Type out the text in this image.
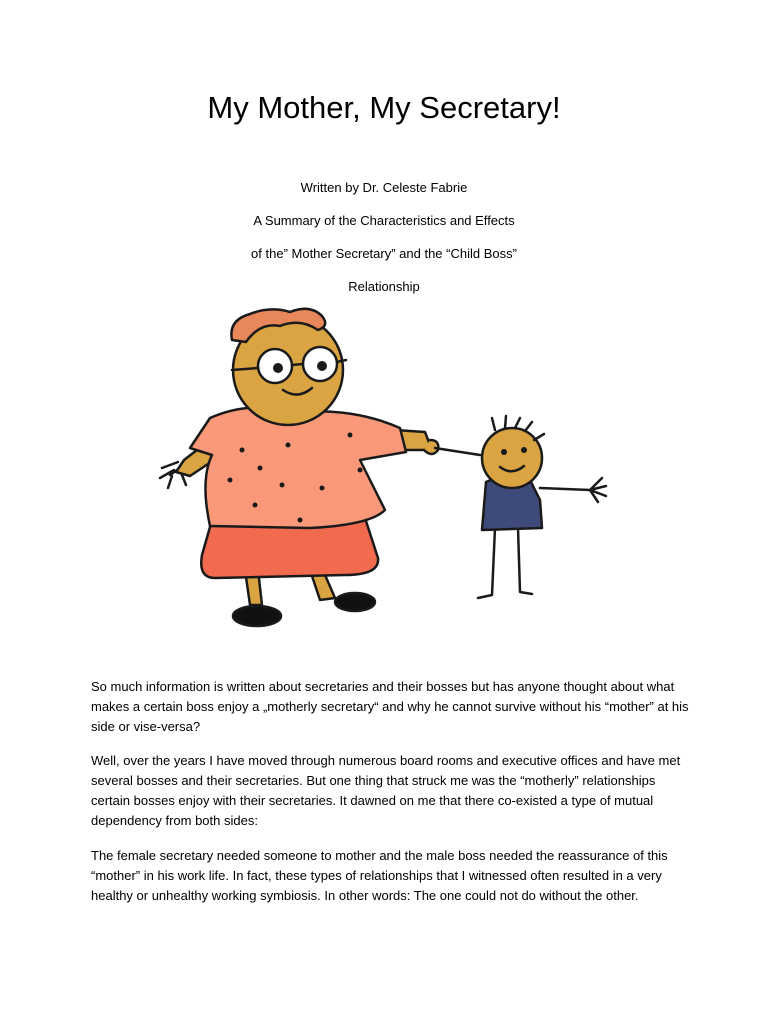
My Mother, My Secretary!

Written by Dr. Celeste Fabrie

A Summary of the Characteristics and Effects

of the” Mother Secretary” and the “Child Boss”

Relationship

So much information is written about secretaries and their bosses but has anyone thought about what makes a certain boss enjoy a „motherly secretary“ and why he cannot survive without his “mother” at his side or vise-versa?

Well, over the years I have moved through numerous board rooms and executive offices and have met several bosses and their secretaries. But one thing that struck me was the “motherly” relationships certain bosses enjoy with their secretaries. It dawned on me that there co-existed a type of mutual dependency from both sides:

The female secretary needed someone to mother and the male boss needed the reassurance of this “mother” in his work life. In fact, these types of relationships that I witnessed often resulted in a very healthy or unhealthy working symbiosis. In other words: The one could not do without the other.
